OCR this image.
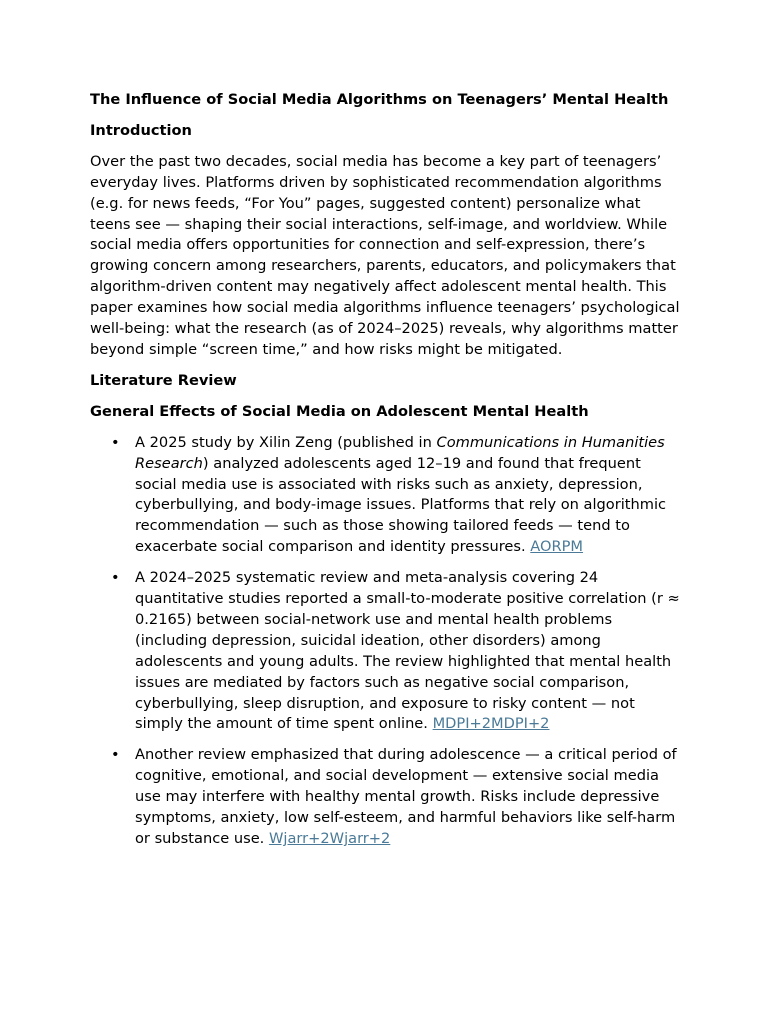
The Influence of Social Media Algorithms on Teenagers’ Mental Health
Introduction
Over the past two decades, social media has become a key part of teenagers’ everyday lives. Platforms driven by sophisticated recommendation algorithms (e.g. for news feeds, “For You” pages, suggested content) personalize what teens see — shaping their social interactions, self-image, and worldview. While social media offers opportunities for connection and self-expression, there’s growing concern among researchers, parents, educators, and policymakers that algorithm-driven content may negatively affect adolescent mental health. This paper examines how social media algorithms influence teenagers’ psychological well-being: what the research (as of 2024–2025) reveals, why algorithms matter beyond simple “screen time,” and how risks might be mitigated.
Literature Review
General Effects of Social Media on Adolescent Mental Health
• A 2025 study by Xilin Zeng (published in Communications in Humanities Research) analyzed adolescents aged 12–19 and found that frequent social media use is associated with risks such as anxiety, depression, cyberbullying, and body-image issues. Platforms that rely on algorithmic recommendation — such as those showing tailored feeds — tend to exacerbate social comparison and identity pressures. AORPM
• A 2024–2025 systematic review and meta-analysis covering 24 quantitative studies reported a small-to-moderate positive correlation (r ≈ 0.2165) between social-network use and mental health problems (including depression, suicidal ideation, other disorders) among adolescents and young adults. The review highlighted that mental health issues are mediated by factors such as negative social comparison, cyberbullying, sleep disruption, and exposure to risky content — not simply the amount of time spent online. MDPI+2MDPI+2
• Another review emphasized that during adolescence — a critical period of cognitive, emotional, and social development — extensive social media use may interfere with healthy mental growth. Risks include depressive symptoms, anxiety, low self-esteem, and harmful behaviors like self-harm or substance use. Wjarr+2Wjarr+2
